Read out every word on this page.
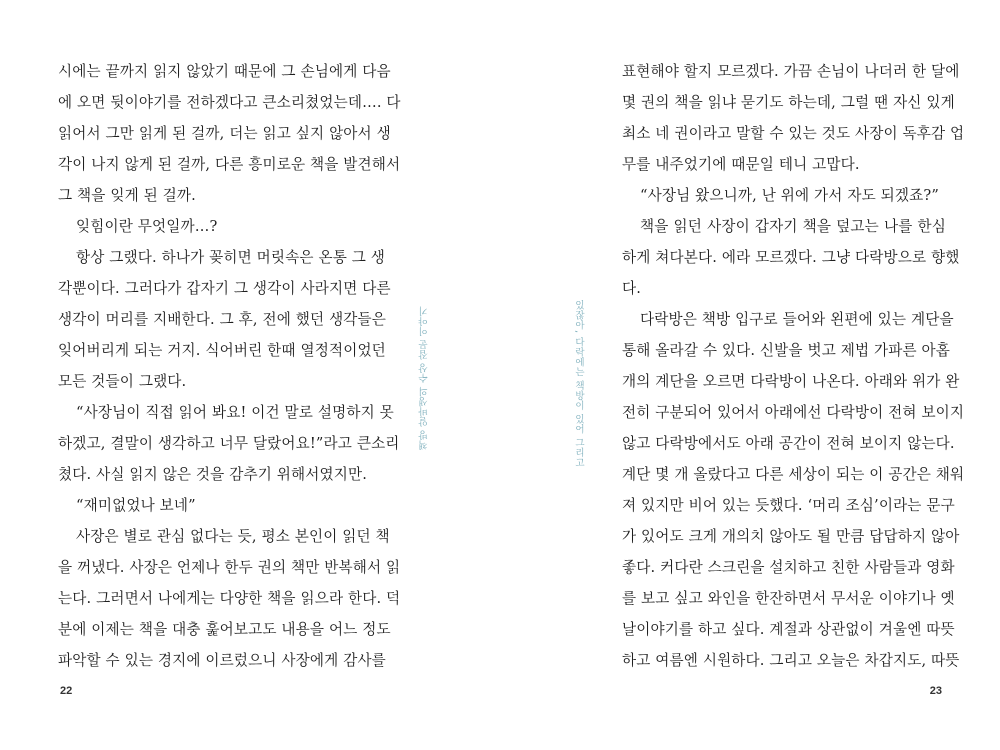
시에는 끝까지 읽지 않았기 때문에 그 손님에게 다음
에 오면 뒷이야기를 전하겠다고 큰소리쳤었는데…. 다
읽어서 그만 읽게 된 걸까, 더는 읽고 싶지 않아서 생
각이 나지 않게 된 걸까, 다른 흥미로운 책을 발견해서
그 책을 잊게 된 걸까.
잊힘이란 무엇일까…?
항상 그랬다. 하나가 꽂히면 머릿속은 온통 그 생
각뿐이다. 그러다가 갑자기 그 생각이 사라지면 다른
생각이 머리를 지배한다. 그 후, 전에 했던 생각들은
잊어버리게 되는 거지. 식어버린 한때 열정적이었던
모든 것들이 그랬다.
“사장님이 직접 읽어 봐요! 이건 말로 설명하지 못
하겠고, 결말이 생각하고 너무 달랐어요!”라고 큰소리
쳤다. 사실 읽지 않은 것을 감추기 위해서였지만.
“재미없었나 보네”
사장은 별로 관심 없다는 듯, 평소 본인이 읽던 책
을 꺼냈다. 사장은 언제나 한두 권의 책만 반복해서 읽
는다. 그러면서 나에게는 다양한 책을 읽으라 한다. 덕
분에 이제는 책을 대충 훑어보고도 내용을 어느 정도
파악할 수 있는 경지에 이르렀으니 사장에게 감사를
책방 알바생의 수상 잡문 이야기
22
표현해야 할지 모르겠다. 가끔 손님이 나더러 한 달에
몇 권의 책을 읽냐 묻기도 하는데, 그럴 땐 자신 있게
최소 네 권이라고 말할 수 있는 것도 사장이 독후감 업
무를 내주었기에 때문일 테니 고맙다.
“사장님 왔으니까, 난 위에 가서 자도 되겠죠?”
책을 읽던 사장이 갑자기 책을 덮고는 나를 한심
하게 쳐다본다. 에라 모르겠다. 그냥 다락방으로 향했
다.
다락방은 책방 입구로 들어와 왼편에 있는 계단을
통해 올라갈 수 있다. 신발을 벗고 제법 가파른 아홉
개의 계단을 오르면 다락방이 나온다. 아래와 위가 완
전히 구분되어 있어서 아래에선 다락방이 전혀 보이지
않고 다락방에서도 아래 공간이 전혀 보이지 않는다.
계단 몇 개 올랐다고 다른 세상이 되는 이 공간은 채워
져 있지만 비어 있는 듯했다. ‘머리 조심’이라는 문구
가 있어도 크게 개의치 않아도 될 만큼 답답하지 않아
좋다. 커다란 스크린을 설치하고 친한 사람들과 영화
를 보고 싶고 와인을 한잔하면서 무서운 이야기나 옛
날이야기를 하고 싶다. 계절과 상관없이 겨울엔 따뜻
하고 여름엔 시원하다. 그리고 오늘은 차갑지도, 따뜻
있잖아, 다락에는 책방이 있어 그리고
23
